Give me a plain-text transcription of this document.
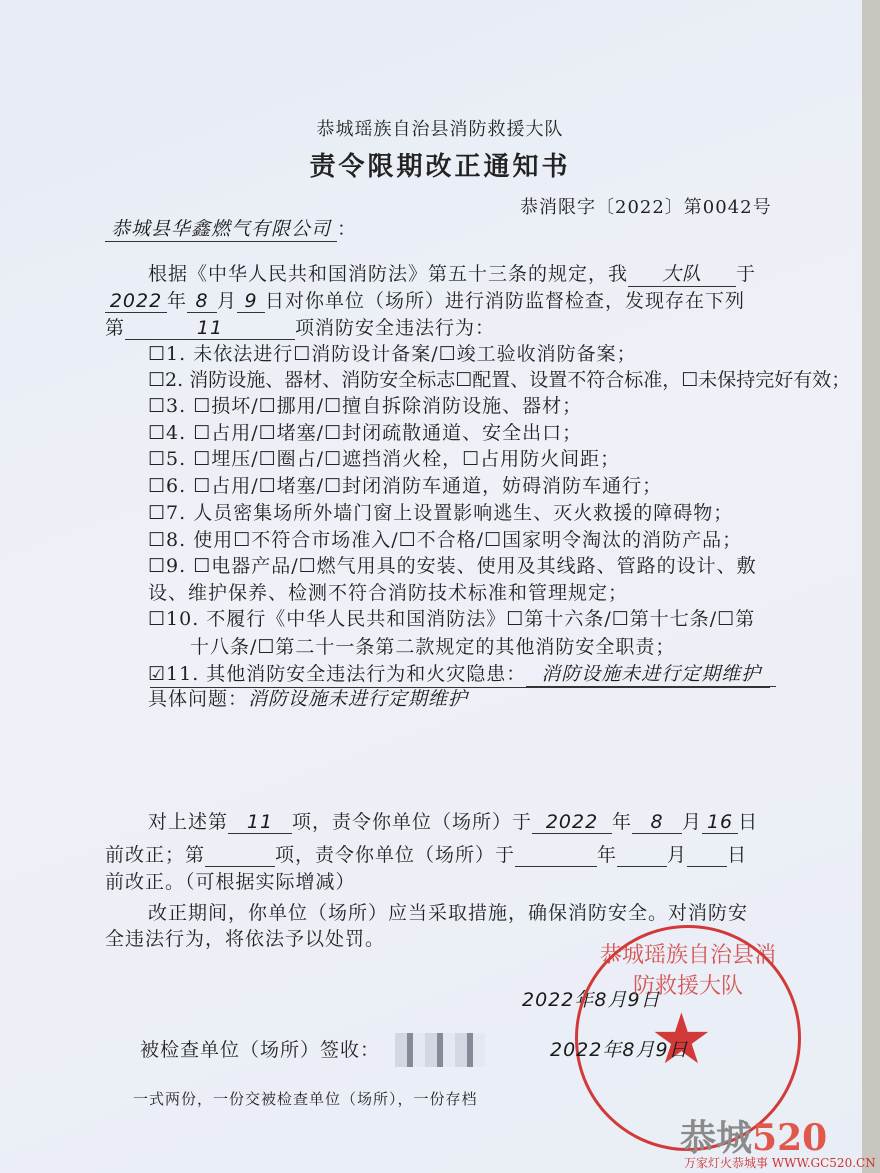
恭城瑶族自治县消防救援大队
责令限期改正通知书
恭消限字〔2022〕第0042号
恭城县华鑫燃气有限公司 ：
根据《中华人民共和国消防法》第五十三条的规定，我 大队 于
2022 年 8 月 9 日对你单位（场所）进行消防监督检查，发现存在下列
第	11	项消防安全违法行为：
☐1. 未依法进行☐消防设计备案/☐竣工验收消防备案；
☐2. 消防设施、器材、消防安全标志☐配置、设置不符合标准，☐未保持完好有效；
☐3. ☐损坏/☐挪用/☐擅自拆除消防设施、器材；
☐4. ☐占用/☐堵塞/☐封闭疏散通道、安全出口；
☐5. ☐埋压/☐圈占/☐遮挡消火栓，☐占用防火间距；
☐6. ☐占用/☐堵塞/☐封闭消防车通道，妨碍消防车通行；
☐7. 人员密集场所外墙门窗上设置影响逃生、灭火救援的障碍物；
☐8. 使用☐不符合市场准入/☐不合格/☐国家明令淘汰的消防产品；
☐9. ☐电器产品/☐燃气用具的安装、使用及其线路、管路的设计、敷
设、维护保养、检测不符合消防技术标准和管理规定；
☐10. 不履行《中华人民共和国消防法》☐第十六条/☐第十七条/☐第
十八条/☐第二十一条第二款规定的其他消防安全职责；
☑11. 其他消防安全违法行为和火灾隐患： 消防设施未进行定期维护
具体问题：消防设施未进行定期维护
对上述第 11 项，责令你单位（场所）于 2022 年 8 月 16 日
前改正；第	项，责令你单位（场所）于	年	月 日
前改正。（可根据实际增减）
改正期间，你单位（场所）应当采取措施，确保消防安全。对消防安
全违法行为，将依法予以处罚。
2022年8月9日
恭城瑶族自治县消防救援大队
★
被检查单位（场所）签收：	2022年8月9日
一式两份，一份交被检查单位（场所），一份存档
恭城520
万家灯火恭城事 WWW.GC520.CN
